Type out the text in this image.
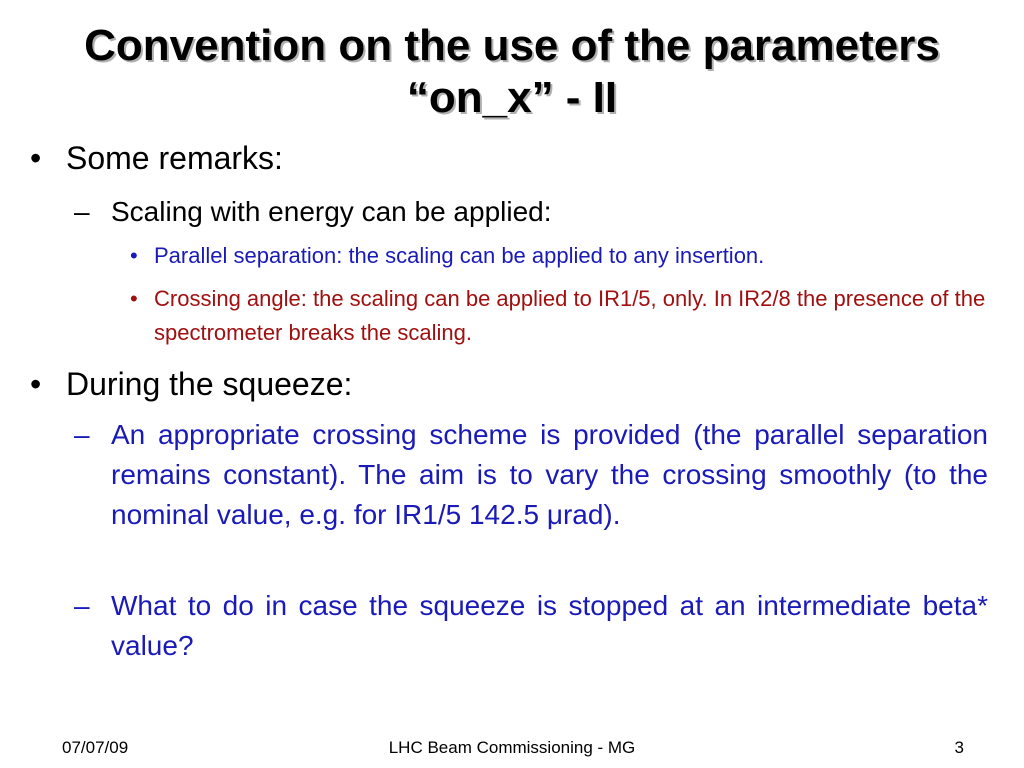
Convention on the use of the parameters
“on_x” - II
• Some remarks:
– Scaling with energy can be applied:
• Parallel separation: the scaling can be applied to any insertion.
• Crossing angle: the scaling can be applied to IR1/5, only. In IR2/8 the presence of the spectrometer breaks the scaling.
• During the squeeze:
– An appropriate crossing scheme is provided (the parallel separation remains constant). The aim is to vary the crossing smoothly (to the nominal value, e.g. for IR1/5 142.5 μrad).
– What to do in case the squeeze is stopped at an intermediate beta* value?
07/07/09	LHC Beam Commissioning - MG	3
